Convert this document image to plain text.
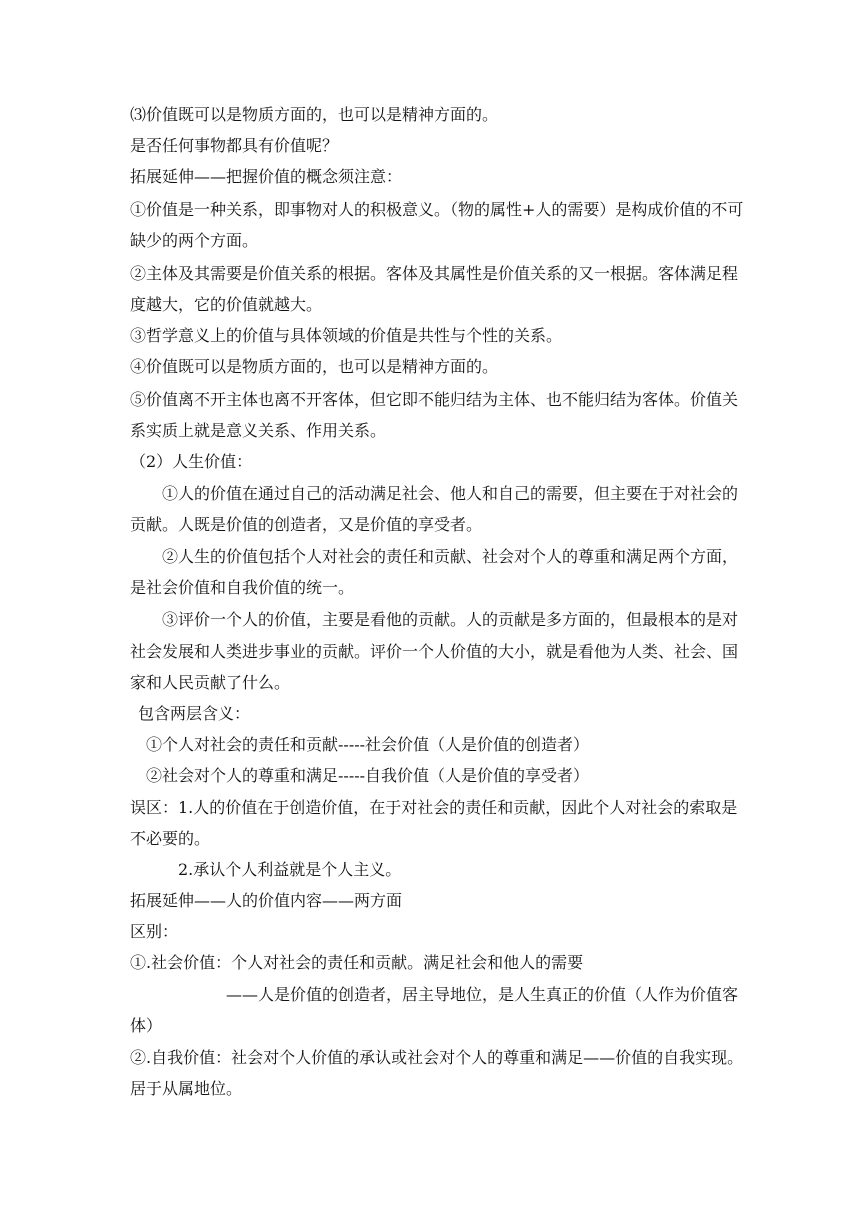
⑶价值既可以是物质方面的，也可以是精神方面的。
是否任何事物都具有价值呢？
拓展延伸——把握价值的概念须注意：
①价值是一种关系，即事物对人的积极意义。（物的属性+人的需要）是构成价值的不可
缺少的两个方面。
②主体及其需要是价值关系的根据。客体及其属性是价值关系的又一根据。客体满足程
度越大，它的价值就越大。
③哲学意义上的价值与具体领域的价值是共性与个性的关系。
④价值既可以是物质方面的，也可以是精神方面的。
⑤价值离不开主体也离不开客体，但它即不能归结为主体、也不能归结为客体。价值关
系实质上就是意义关系、作用关系。
（2）人生价值：
①人的价值在通过自己的活动满足社会、他人和自己的需要，但主要在于对社会的
贡献。人既是价值的创造者，又是价值的享受者。
②人生的价值包括个人对社会的责任和贡献、社会对个人的尊重和满足两个方面，
是社会价值和自我价值的统一。
③评价一个人的价值，主要是看他的贡献。人的贡献是多方面的，但最根本的是对
社会发展和人类进步事业的贡献。评价一个人价值的大小，就是看他为人类、社会、国
家和人民贡献了什么。
包含两层含义：
①个人对社会的责任和贡献-----社会价值（人是价值的创造者）
②社会对个人的尊重和满足-----自我价值（人是价值的享受者）
误区：1.人的价值在于创造价值，在于对社会的责任和贡献，因此个人对社会的索取是
不必要的。
2.承认个人利益就是个人主义。
拓展延伸——人的价值内容——两方面
区别：
①.社会价值：个人对社会的责任和贡献。满足社会和他人的需要
——人是价值的创造者，居主导地位，是人生真正的价值（人作为价值客
体）
②.自我价值：社会对个人价值的承认或社会对个人的尊重和满足——价值的自我实现。
居于从属地位。
